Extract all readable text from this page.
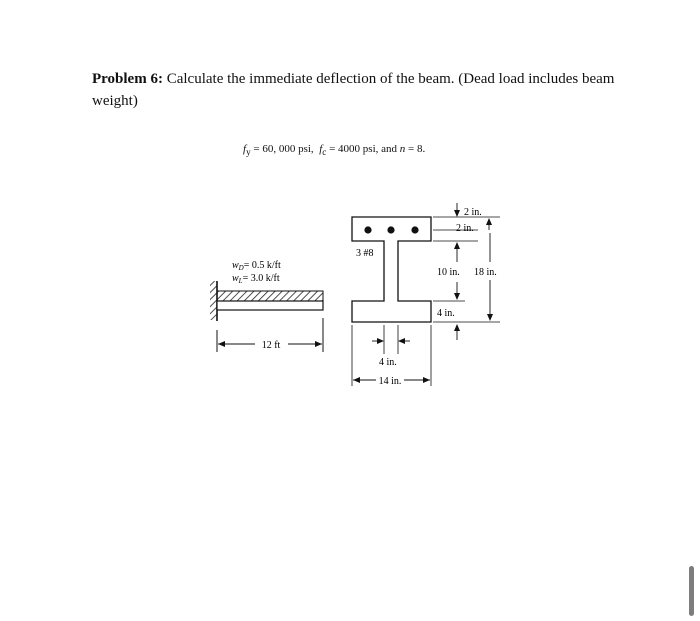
Problem 6: Calculate the immediate deflection of the beam. (Dead load includes beam weight)
$f_y = 60$, 000 psi, $f_c = 4000$ psi, and n = 8.
$w_D= 0.5$ k/ft
$w_L= 3.0$ k/ft
12 ft
3 #8
2 in.
2 in.
10 in. 18 in.
4 in.
4 in.
14 in.
